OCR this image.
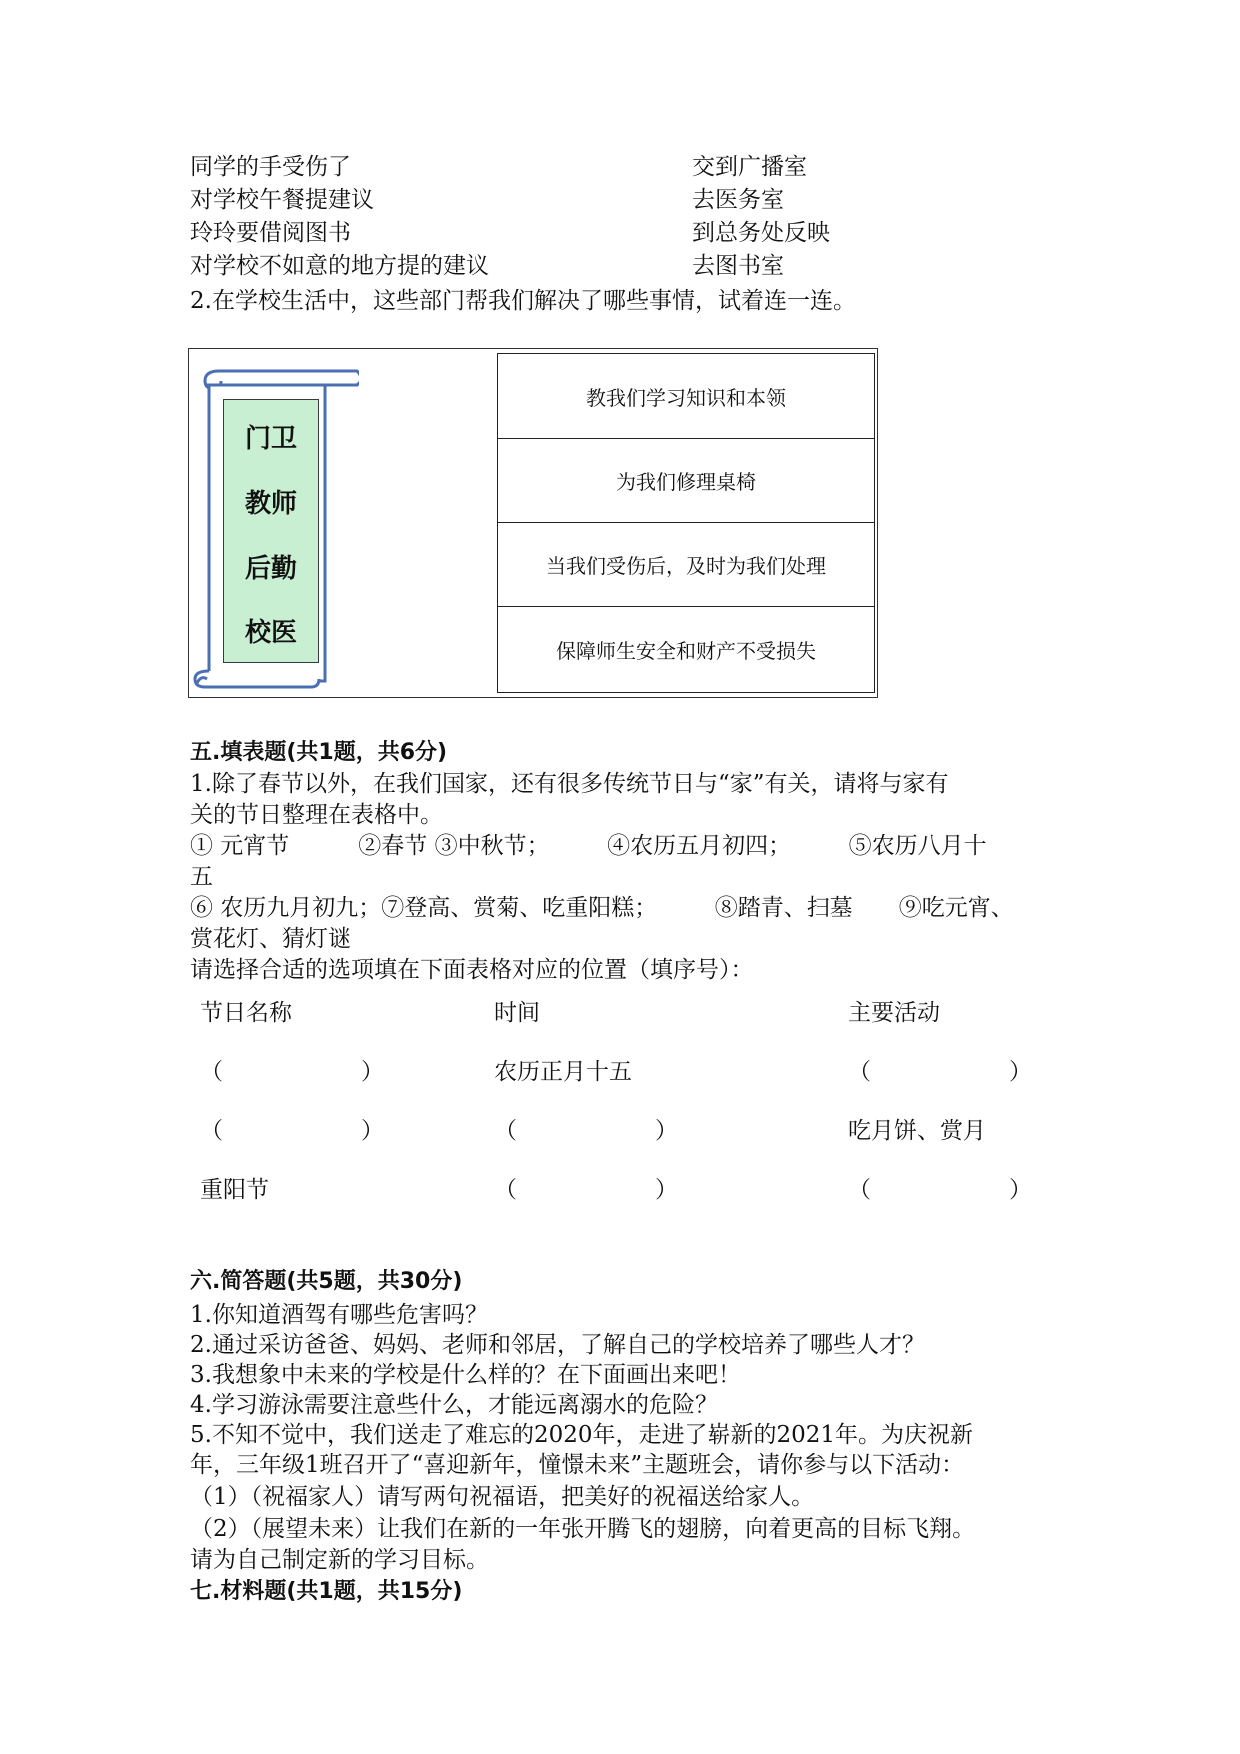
同学的手受伤了	交到广播室
对学校午餐提建议	去医务室
玲玲要借阅图书	到总务处反映
对学校不如意的地方提的建议	去图书室
2.在学校生活中，这些部门帮我们解决了哪些事情，试着连一连。
门卫
教师
后勤
校医
教我们学习知识和本领
为我们修理桌椅
当我们受伤后，及时为我们处理
保障师生安全和财产不受损失
五.填表题(共1题，共6分)
1.除了春节以外，在我们国家，还有很多传统节日与“家”有关，请将与家有
关的节日整理在表格中。
① 元宵节　　　②春节 ③中秋节；　　　④农历五月初四；　　　⑤农历八月十
五
⑥ 农历九月初九；⑦登高、赏菊、吃重阳糕；　　　⑧踏青、扫墓　　⑨吃元宵、
赏花灯、猜灯谜
请选择合适的选项填在下面表格对应的位置（填序号）：
节日名称	时间	主要活动
（　　　　　　）	农历正月十五	（　　　　　　）
（　　　　　　）	（　　　　　　）	吃月饼、赏月
重阳节	（　　　　　　）	（　　　　　　）
六.简答题(共5题，共30分)
1.你知道酒驾有哪些危害吗？
2.通过采访爸爸、妈妈、老师和邻居，了解自己的学校培养了哪些人才？
3.我想象中未来的学校是什么样的？在下面画出来吧！
4.学习游泳需要注意些什么，才能远离溺水的危险？
5.不知不觉中，我们送走了难忘的2020年，走进了崭新的2021年。为庆祝新
年，三年级1班召开了“喜迎新年，憧憬未来”主题班会，请你参与以下活动：
（1）（祝福家人）请写两句祝福语，把美好的祝福送给家人。
（2）（展望未来）让我们在新的一年张开腾飞的翅膀，向着更高的目标飞翔。
请为自己制定新的学习目标。
七.材料题(共1题，共15分)
